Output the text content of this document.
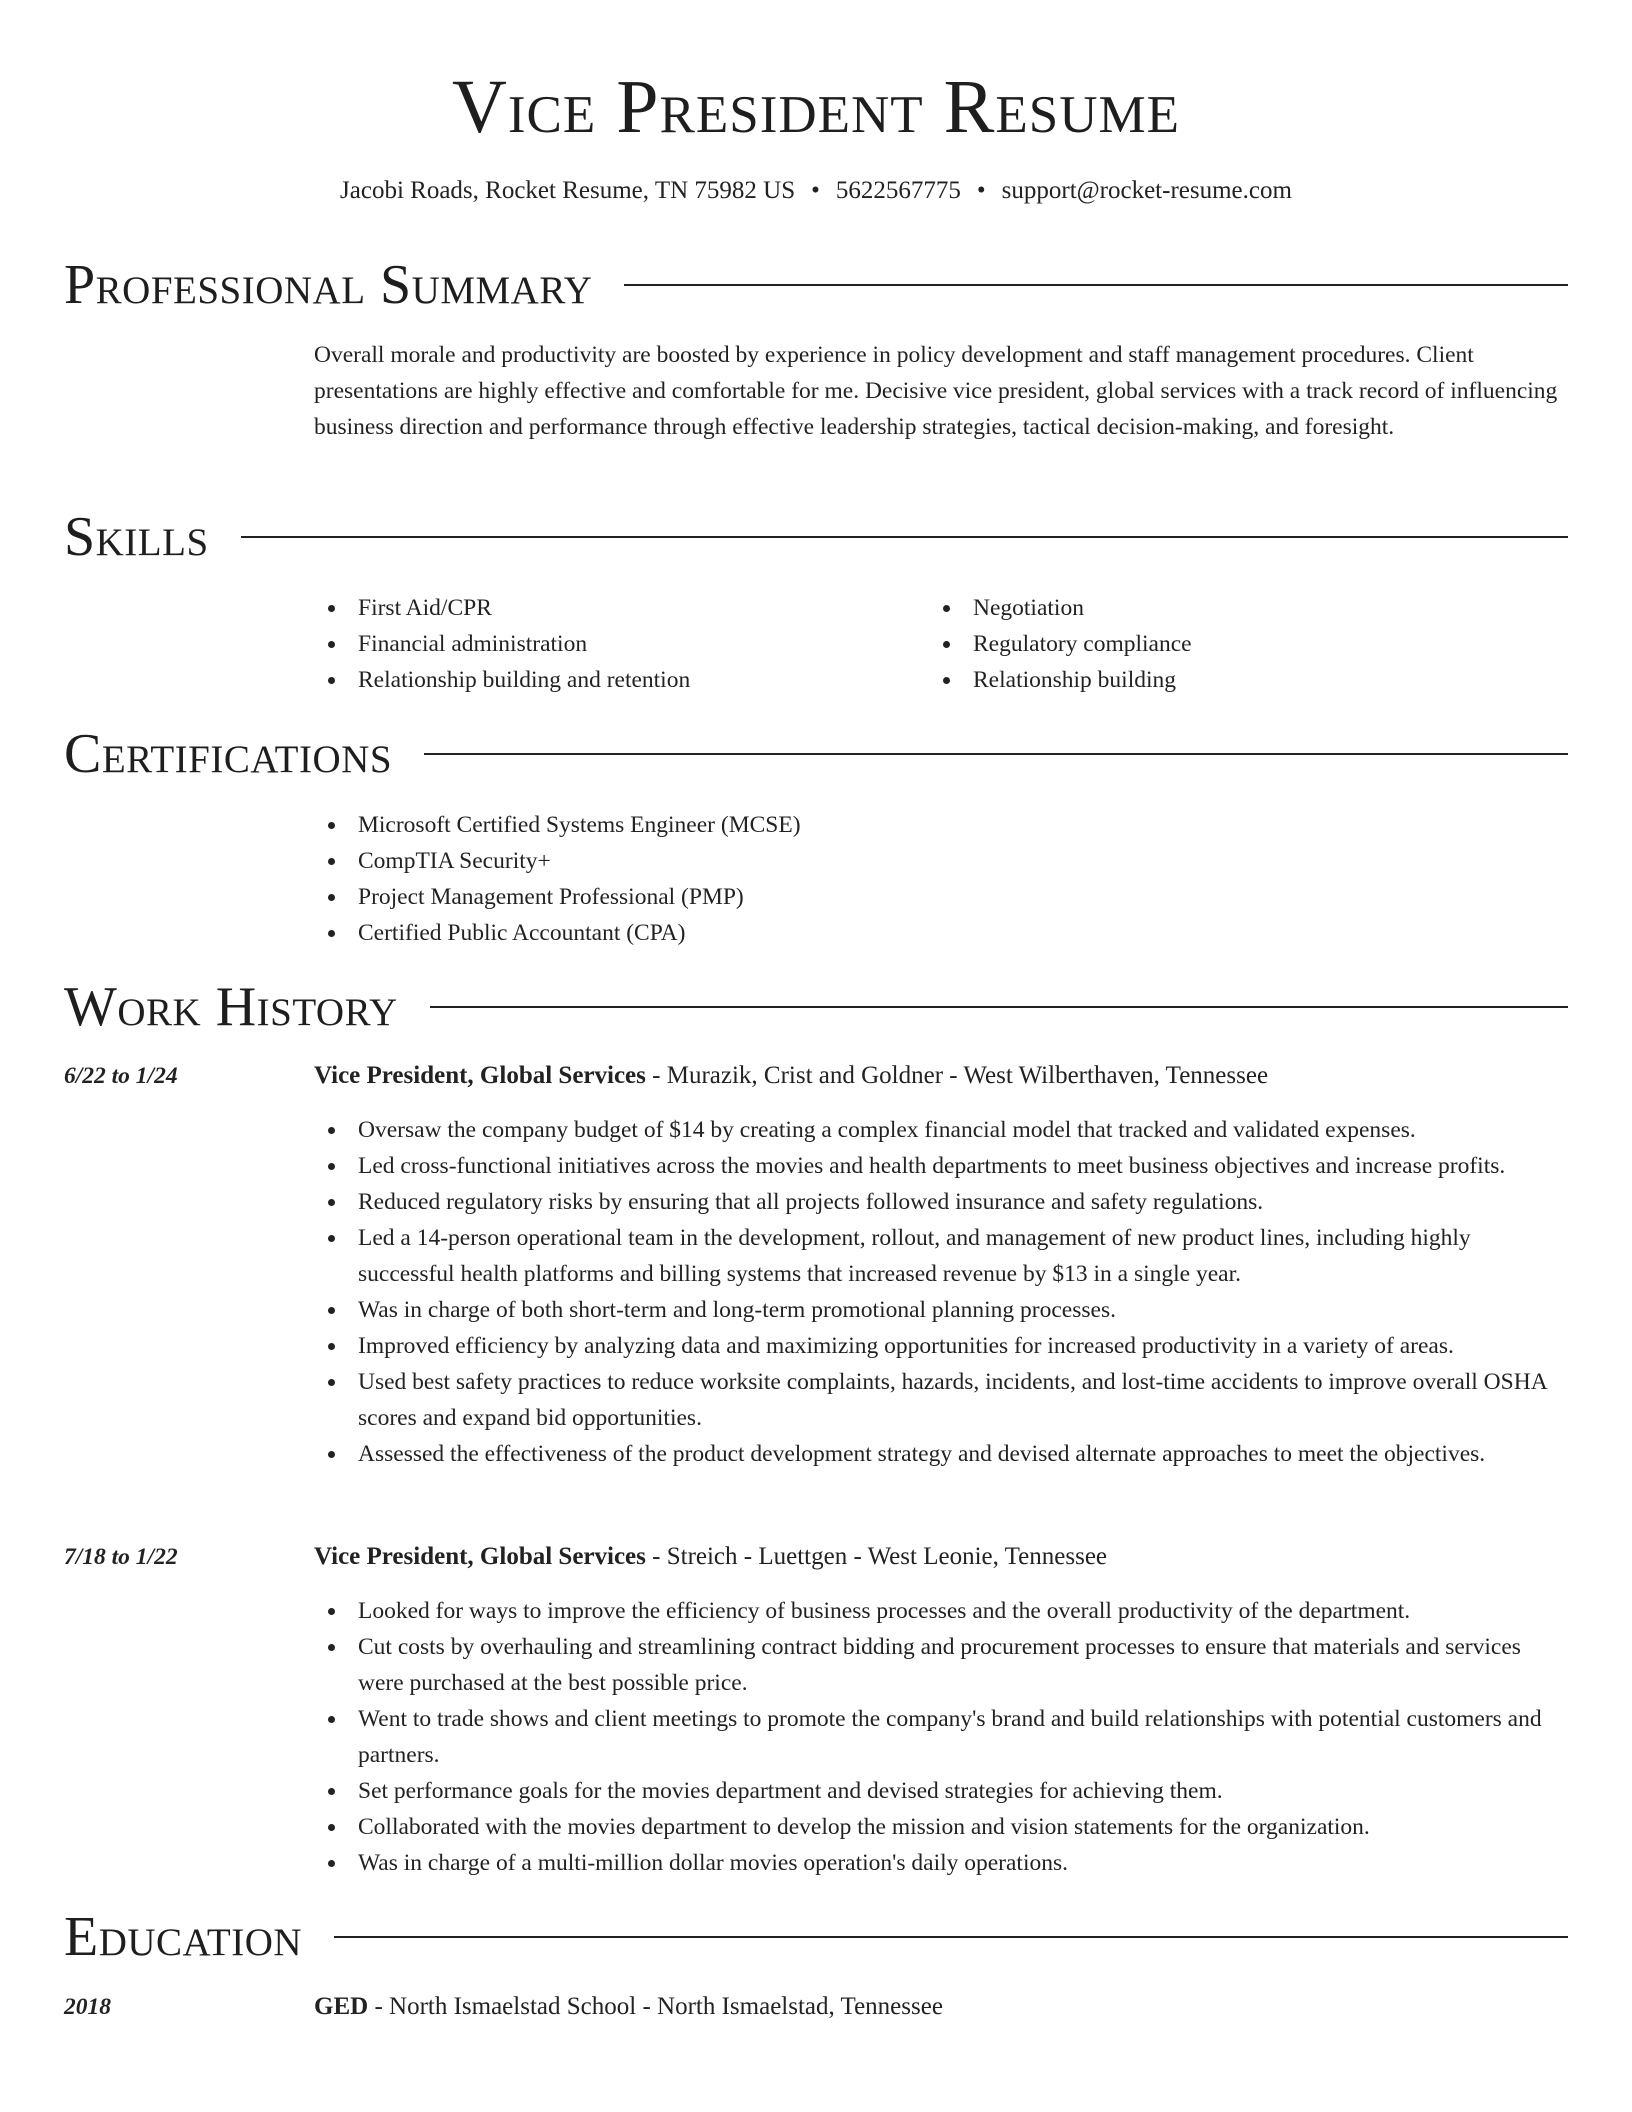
Vice President Resume
Jacobi Roads, Rocket Resume, TN 75982 US • 5622567775 • support@rocket-resume.com
Professional Summary
Overall morale and productivity are boosted by experience in policy development and staff management procedures. Client presentations are highly effective and comfortable for me. Decisive vice president, global services with a track record of influencing business direction and performance through effective leadership strategies, tactical decision-making, and foresight.
Skills
First Aid/CPR
Financial administration
Relationship building and retention
Negotiation
Regulatory compliance
Relationship building
Certifications
Microsoft Certified Systems Engineer (MCSE)
CompTIA Security+
Project Management Professional (PMP)
Certified Public Accountant (CPA)
Work History
6/22 to 1/24	Vice President, Global Services - Murazik, Crist and Goldner - West Wilberthaven, Tennessee
Oversaw the company budget of $14 by creating a complex financial model that tracked and validated expenses.
Led cross-functional initiatives across the movies and health departments to meet business objectives and increase profits.
Reduced regulatory risks by ensuring that all projects followed insurance and safety regulations.
Led a 14-person operational team in the development, rollout, and management of new product lines, including highly successful health platforms and billing systems that increased revenue by $13 in a single year.
Was in charge of both short-term and long-term promotional planning processes.
Improved efficiency by analyzing data and maximizing opportunities for increased productivity in a variety of areas.
Used best safety practices to reduce worksite complaints, hazards, incidents, and lost-time accidents to improve overall OSHA scores and expand bid opportunities.
Assessed the effectiveness of the product development strategy and devised alternate approaches to meet the objectives.
7/18 to 1/22	Vice President, Global Services - Streich - Luettgen - West Leonie, Tennessee
Looked for ways to improve the efficiency of business processes and the overall productivity of the department.
Cut costs by overhauling and streamlining contract bidding and procurement processes to ensure that materials and services were purchased at the best possible price.
Went to trade shows and client meetings to promote the company's brand and build relationships with potential customers and partners.
Set performance goals for the movies department and devised strategies for achieving them.
Collaborated with the movies department to develop the mission and vision statements for the organization.
Was in charge of a multi-million dollar movies operation's daily operations.
Education
2018	GED - North Ismaelstad School - North Ismaelstad, Tennessee
